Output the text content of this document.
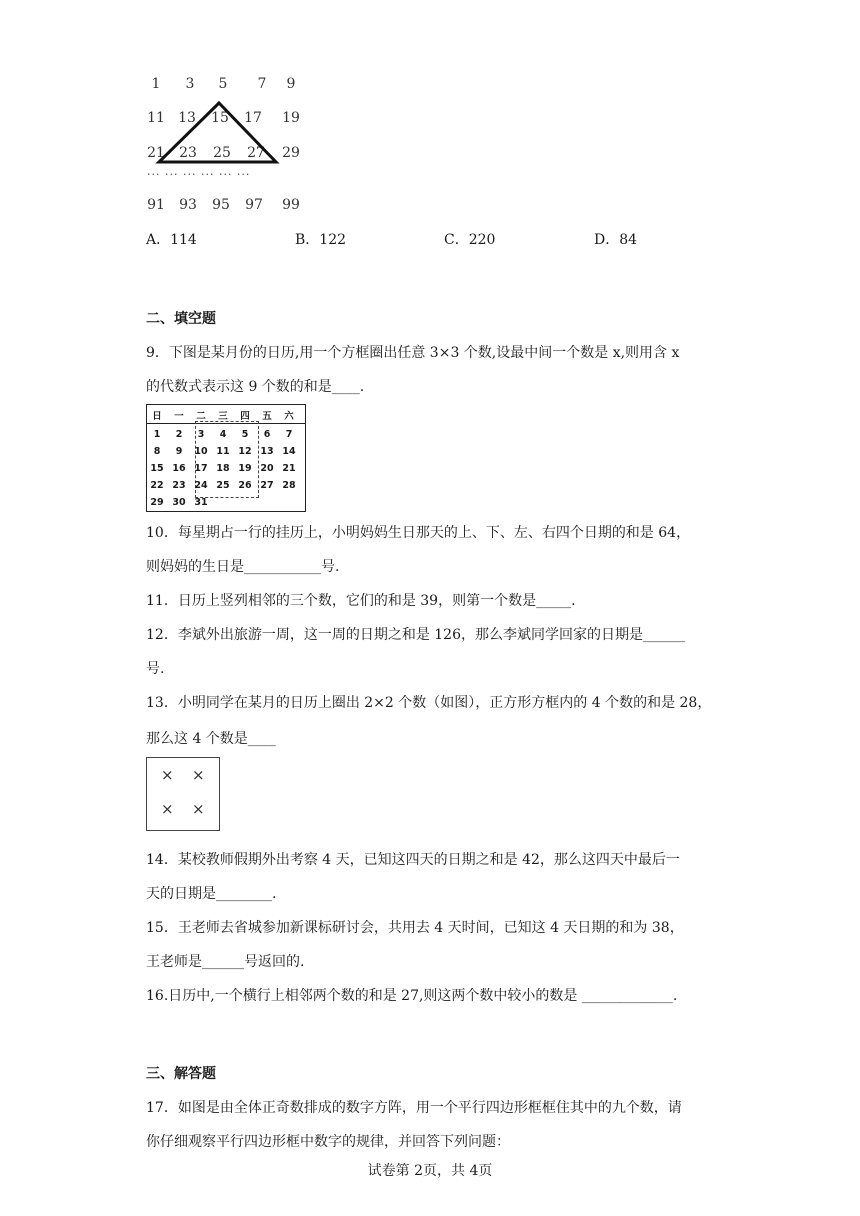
1	3	5	7	9
11 13 15 17 19
21 23 25 27 29
··· ··· ··· ··· ··· ···
91 93 95 97 99
A．114	B．122	C．220	D．84
二、填空题
9．下图是某月份的日历,用一个方框圈出任意 3×3 个数,设最中间一个数是 x,则用含 x
的代数式表示这 9 个数的和是____.
日	一	二	三	四	五	六
1	2	3	4	5	6	7
8	9	10 11 12 13 14
15 16 17 18 19 20 21
22 23 24 25 26 27 28
29 30 31
10．每星期占一行的挂历上，小明妈妈生日那天的上、下、左、右四个日期的和是 64，
则妈妈的生日是___________号.
11．日历上竖列相邻的三个数，它们的和是 39，则第一个数是_____.
12．李斌外出旅游一周，这一周的日期之和是 126，那么李斌同学回家的日期是______
号.
13．小明同学在某月的日历上圈出 2×2 个数（如图），正方形方框内的 4 个数的和是 28，
那么这 4 个数是____
× ×
× ×
14．某校教师假期外出考察 4 天，已知这四天的日期之和是 42，那么这四天中最后一
天的日期是________.
15．王老师去省城参加新课标研讨会，共用去 4 天时间，已知这 4 天日期的和为 38，
王老师是______号返回的.
16.日历中,一个横行上相邻两个数的和是 27,则这两个数中较小的数是 _____________.
三、解答题
17．如图是由全体正奇数排成的数字方阵，用一个平行四边形框框住其中的九个数，请
你仔细观察平行四边形框中数字的规律，并回答下列问题：
试卷第 2页，共 4页
